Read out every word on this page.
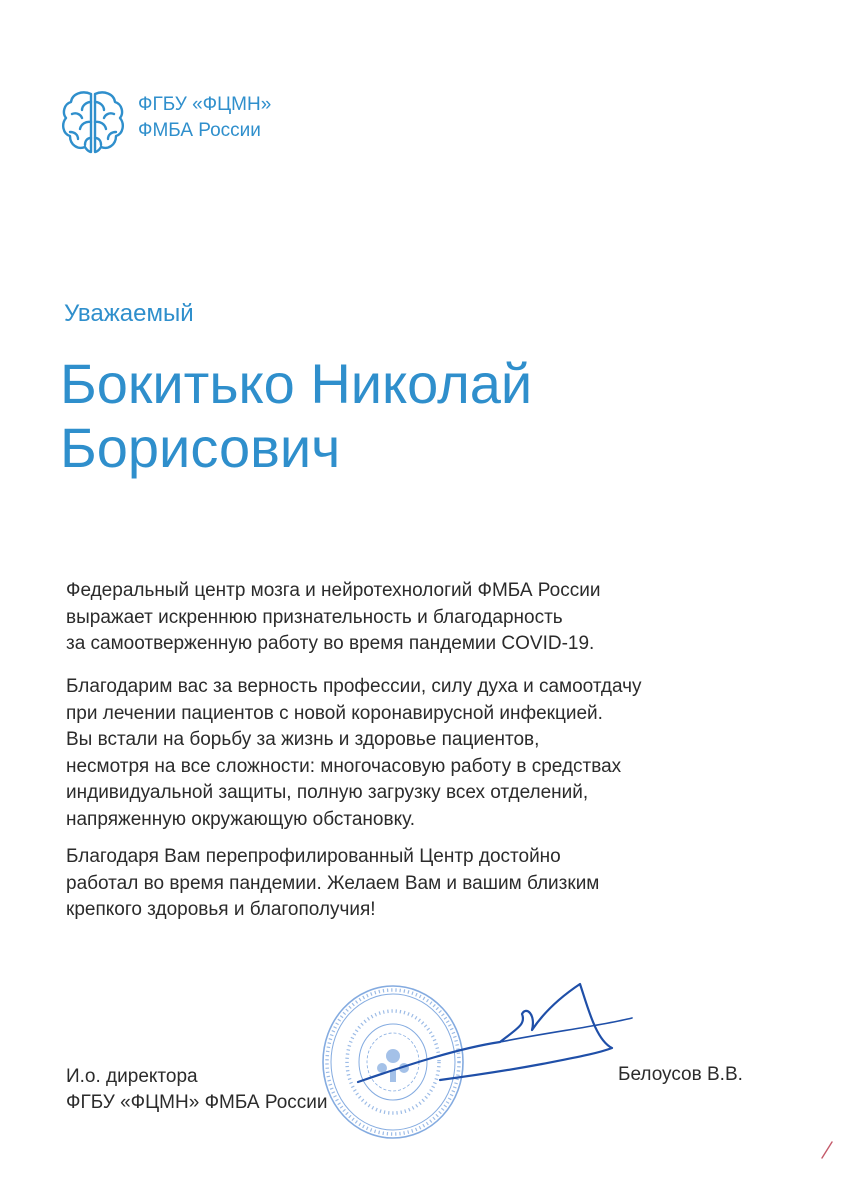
ФГБУ «ФЦМН»
ФМБА России
Уважаемый
Бокитько Николай
Борисович
Федеральный центр мозга и нейротехнологий ФМБА России
выражает искреннюю признательность и благодарность
за самоотверженную работу во время пандемии COVID-19.
Благодарим вас за верность профессии, силу духа и самоотдачу
при лечении пациентов с новой коронавирусной инфекцией.
Вы встали на борьбу за жизнь и здоровье пациентов,
несмотря на все сложности: многочасовую работу в средствах
индивидуальной защиты, полную загрузку всех отделений,
напряженную окружающую обстановку.
Благодаря Вам перепрофилированный Центр достойно
работал во время пандемии. Желаем Вам и вашим близким
крепкого здоровья и благополучия!
И.о. директора
ФГБУ «ФЦМН» ФМБА России
Белоусов В.В.
